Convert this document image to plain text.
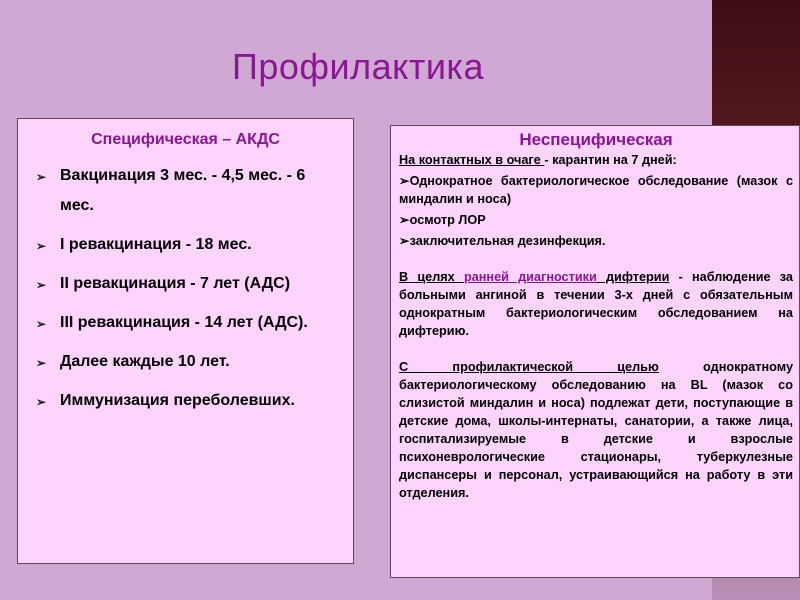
Профилактика
Специфическая – АКДС
➢ Вакцинация 3 мес. - 4,5 мес. - 6 мес.
➢ I ревакцинация - 18 мес.
➢ II ревакцинация - 7 лет (АДС)
➢ III ревакцинация - 14 лет (АДС).
➢ Далее каждые 10 лет.
➢ Иммунизация переболевших.
Неспецифическая
На контактных в очаге - карантин на 7 дней:
➢Однократное бактериологическое обследование (мазок с миндалин и носа)
➢осмотр ЛОР
➢заключительная дезинфекция.
В целях ранней диагностики дифтерии - наблюдение за больными ангиной в течении 3-х дней с обязательным однократным бактериологическим обследованием на дифтерию.
С профилактической целью однократному бактериологическому обследованию на BL (мазок со слизистой миндалин и носа) подлежат дети, поступающие в детские дома, школы-интернаты, санатории, а также лица, госпитализируемые в детские и взрослые психоневрологические стационары, туберкулезные диспансеры и персонал, устраивающийся на работу в эти отделения.
